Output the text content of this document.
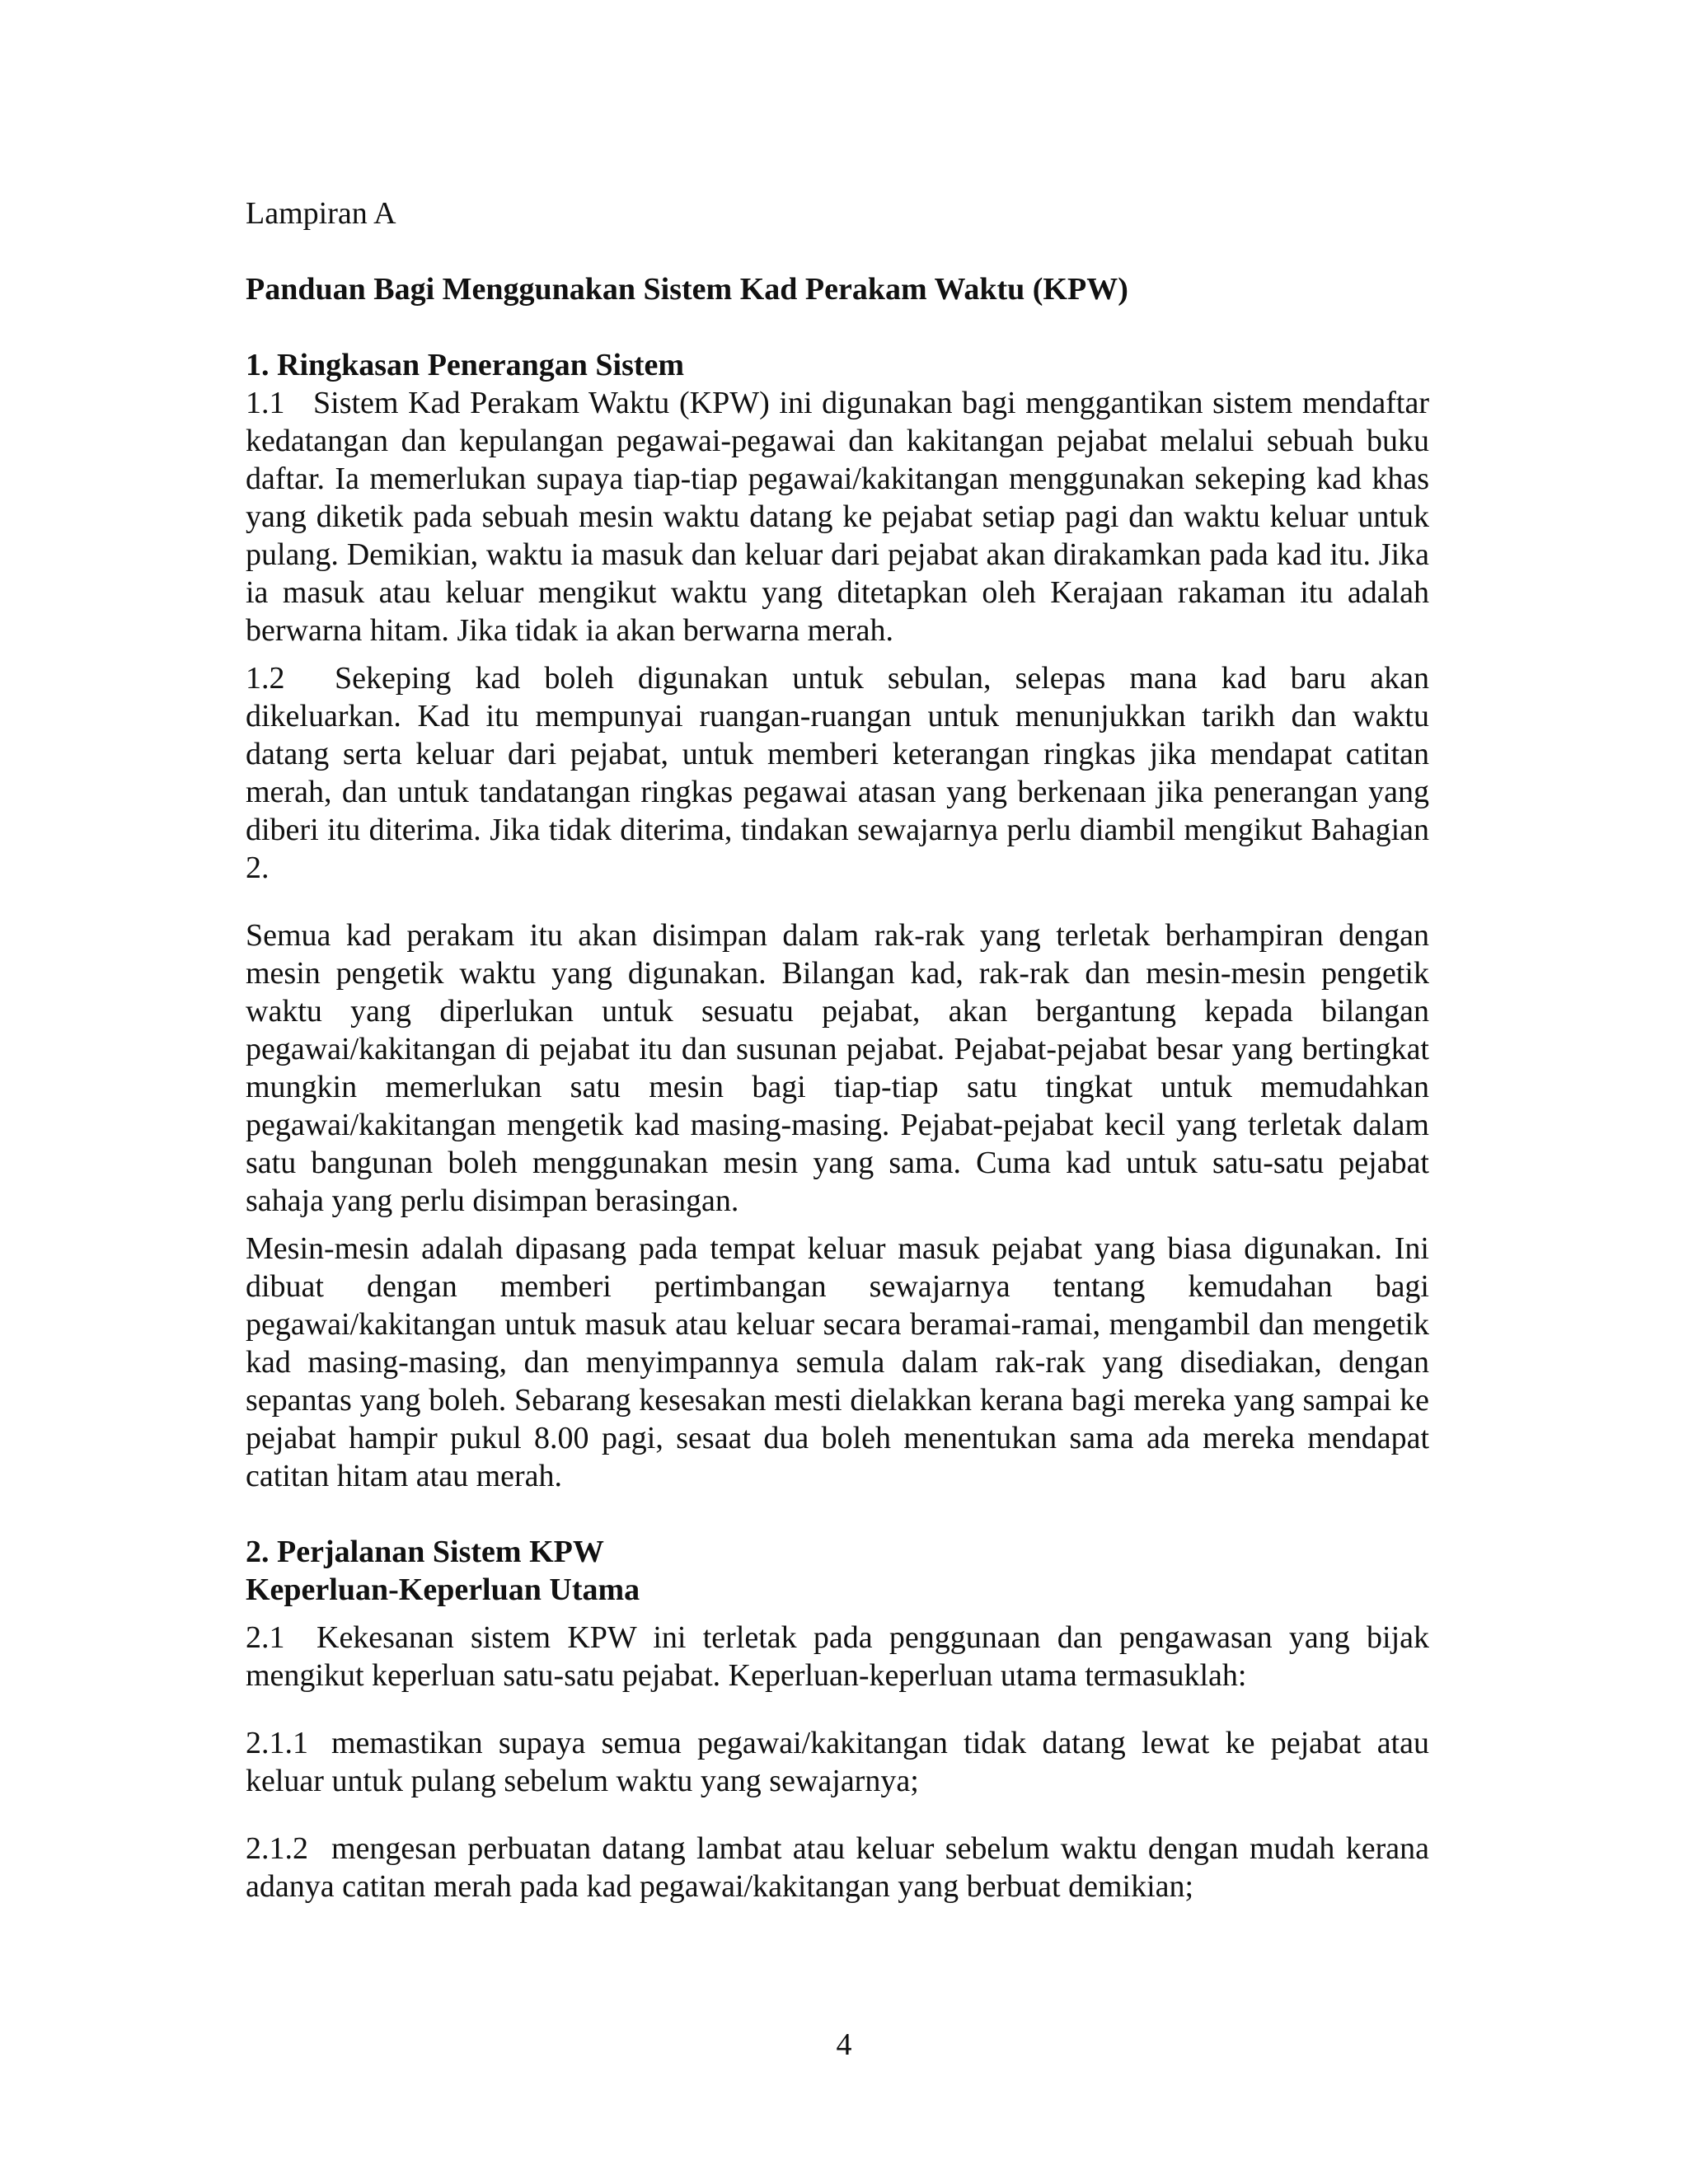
Lampiran A
Panduan Bagi Menggunakan Sistem Kad Perakam Waktu (KPW)
1. Ringkasan Penerangan Sistem

1.1 Sistem Kad Perakam Waktu (KPW) ini digunakan bagi menggantikan sistem mendaftar kedatangan dan kepulangan pegawai-pegawai dan kakitangan pejabat melalui sebuah buku daftar. Ia memerlukan supaya tiap-tiap pegawai/kakitangan menggunakan sekeping kad khas yang diketik pada sebuah mesin waktu datang ke pejabat setiap pagi dan waktu keluar untuk pulang. Demikian, waktu ia masuk dan keluar dari pejabat akan dirakamkan pada kad itu. Jika ia masuk atau keluar mengikut waktu yang ditetapkan oleh Kerajaan rakaman itu adalah berwarna hitam. Jika tidak ia akan berwarna merah.

1.2 Sekeping kad boleh digunakan untuk sebulan, selepas mana kad baru akan dikeluarkan. Kad itu mempunyai ruangan-ruangan untuk menunjukkan tarikh dan waktu datang serta keluar dari pejabat, untuk memberi keterangan ringkas jika mendapat catitan merah, dan untuk tandatangan ringkas pegawai atasan yang berkenaan jika penerangan yang diberi itu diterima. Jika tidak diterima, tindakan sewajarnya perlu diambil mengikut Bahagian 2.

Semua kad perakam itu akan disimpan dalam rak-rak yang terletak berhampiran dengan mesin pengetik waktu yang digunakan. Bilangan kad, rak-rak dan mesin-mesin pengetik waktu yang diperlukan untuk sesuatu pejabat, akan bergantung kepada bilangan pegawai/kakitangan di pejabat itu dan susunan pejabat. Pejabat-pejabat besar yang bertingkat mungkin memerlukan satu mesin bagi tiap-tiap satu tingkat untuk memudahkan pegawai/kakitangan mengetik kad masing-masing. Pejabat-pejabat kecil yang terletak dalam satu bangunan boleh menggunakan mesin yang sama. Cuma kad untuk satu-satu pejabat sahaja yang perlu disimpan berasingan.

Mesin-mesin adalah dipasang pada tempat keluar masuk pejabat yang biasa digunakan. Ini dibuat dengan memberi pertimbangan sewajarnya tentang kemudahan bagi pegawai/kakitangan untuk masuk atau keluar secara beramai-ramai, mengambil dan mengetik kad masing-masing, dan menyimpannya semula dalam rak-rak yang disediakan, dengan sepantas yang boleh. Sebarang kesesakan mesti dielakkan kerana bagi mereka yang sampai ke pejabat hampir pukul 8.00 pagi, sesaat dua boleh menentukan sama ada mereka mendapat catitan hitam atau merah.

2. Perjalanan Sistem KPW
Keperluan-Keperluan Utama

2.1 Kekesanan sistem KPW ini terletak pada penggunaan dan pengawasan yang bijak mengikut keperluan satu-satu pejabat. Keperluan-keperluan utama termasuklah:

2.1.1 memastikan supaya semua pegawai/kakitangan tidak datang lewat ke pejabat atau keluar untuk pulang sebelum waktu yang sewajarnya;

2.1.2 mengesan perbuatan datang lambat atau keluar sebelum waktu dengan mudah kerana adanya catitan merah pada kad pegawai/kakitangan yang berbuat demikian;

4
